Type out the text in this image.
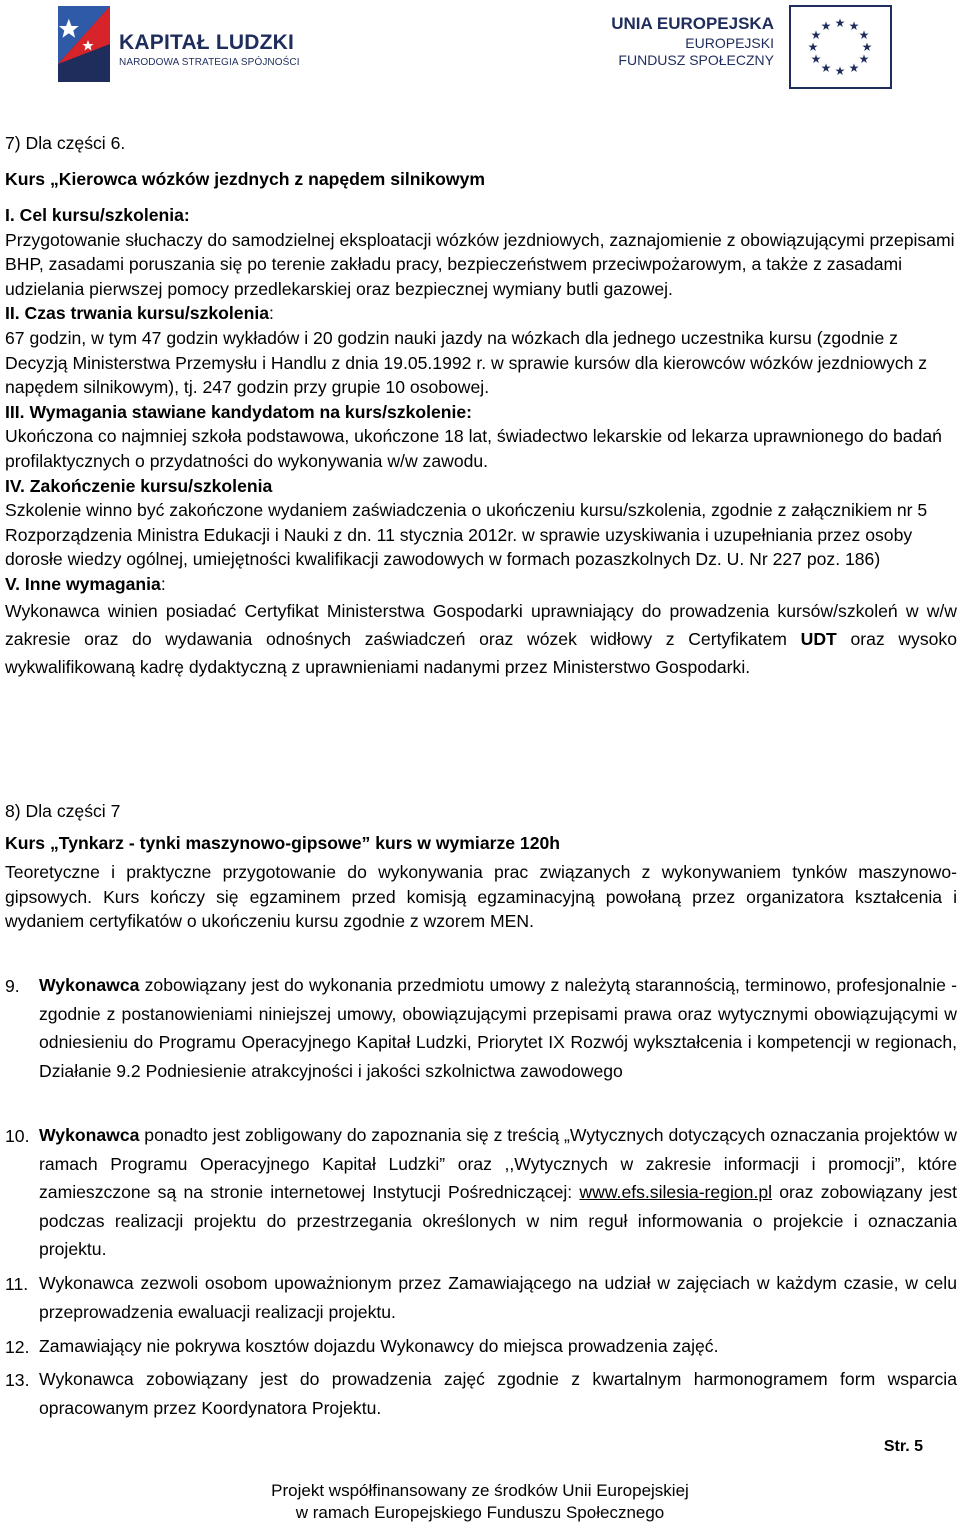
KAPITAŁ LUDZKI
NARODOWA STRATEGIA SPÓJNOŚCI
UNIA EUROPEJSKA
EUROPEJSKI
FUNDUSZ SPOŁECZNY
★ ★
★
★
★
★
★
★
★
★
★
★

7) Dla części 6.

Kurs „Kierowca wózków jezdnych z napędem silnikowym

I. Cel kursu/szkolenia:

Przygotowanie słuchaczy do samodzielnej eksploatacji wózków jezdniowych, zaznajomienie z obowiązującymi przepisami BHP, zasadami poruszania się po terenie zakładu pracy, bezpieczeństwem przeciwpożarowym, a także z zasadami udzielania pierwszej pomocy przedlekarskiej oraz bezpiecznej wymiany butli gazowej.

II. Czas trwania kursu/szkolenia:

67 godzin, w tym 47 godzin wykładów i 20 godzin nauki jazdy na wózkach dla jednego uczestnika kursu (zgodnie z Decyzją Ministerstwa Przemysłu i Handlu z dnia 19.05.1992 r. w sprawie kursów dla kierowców wózków jezdniowych z napędem silnikowym), tj. 247 godzin przy grupie 10 osobowej.

III. Wymagania stawiane kandydatom na kurs/szkolenie:

Ukończona co najmniej szkoła podstawowa, ukończone 18 lat, świadectwo lekarskie od lekarza uprawnionego do badań profilaktycznych o przydatności do wykonywania w/w zawodu.

IV. Zakończenie kursu/szkolenia

Szkolenie winno być zakończone wydaniem zaświadczenia o ukończeniu kursu/szkolenia, zgodnie z załącznikiem nr 5 Rozporządzenia Ministra Edukacji i Nauki z dn. 11 stycznia 2012r. w sprawie uzyskiwania i uzupełniania przez osoby dorosłe wiedzy ogólnej, umiejętności kwalifikacji zawodowych w formach pozaszkolnych Dz. U. Nr 227 poz. 186)

V. Inne wymagania:

Wykonawca winien posiadać Certyfikat Ministerstwa Gospodarki uprawniający do prowadzenia kursów/szkoleń w w/w zakresie oraz do wydawania odnośnych zaświadczeń oraz wózek widłowy z Certyfikatem UDT oraz wysoko wykwalifikowaną kadrę dydaktyczną z uprawnieniami nadanymi przez Ministerstwo Gospodarki.

8) Dla części 7

Kurs „Tynkarz - tynki maszynowo-gipsowe” kurs w wymiarze 120h

Teoretyczne i praktyczne przygotowanie do wykonywania prac związanych z wykonywaniem tynków maszynowo-gipsowych. Kurs kończy się egzaminem przed komisją egzaminacyjną powołaną przez organizatora kształcenia i wydaniem certyfikatów o ukończeniu kursu zgodnie z wzorem MEN.

9. Wykonawca zobowiązany jest do wykonania przedmiotu umowy z należytą starannością, terminowo, profesjonalnie - zgodnie z postanowieniami niniejszej umowy, obowiązującymi przepisami prawa oraz wytycznymi obowiązującymi w odniesieniu do Programu Operacyjnego Kapitał Ludzki, Priorytet IX Rozwój wykształcenia i kompetencji w regionach, Działanie 9.2 Podniesienie atrakcyjności i jakości szkolnictwa zawodowego
10. Wykonawca ponadto jest zobligowany do zapoznania się z treścią „Wytycznych dotyczących oznaczania projektów w ramach Programu Operacyjnego Kapitał Ludzki” oraz ,,Wytycznych w zakresie informacji i promocji”, które zamieszczone są na stronie internetowej Instytucji Pośredniczącej: www.efs.silesia-region.pl oraz zobowiązany jest podczas realizacji projektu do przestrzegania określonych w nim reguł informowania o projekcie i oznaczania projektu.
11. Wykonawca zezwoli osobom upoważnionym przez Zamawiającego na udział w zajęciach w każdym czasie, w celu przeprowadzenia ewaluacji realizacji projektu.
12. Zamawiający nie pokrywa kosztów dojazdu Wykonawcy do miejsca prowadzenia zajęć.
13. Wykonawca zobowiązany jest do prowadzenia zajęć zgodnie z kwartalnym harmonogramem form wsparcia opracowanym przez Koordynatora Projektu.
Str. 5
Projekt współfinansowany ze środków Unii Europejskiej
w ramach Europejskiego Funduszu Społecznego
